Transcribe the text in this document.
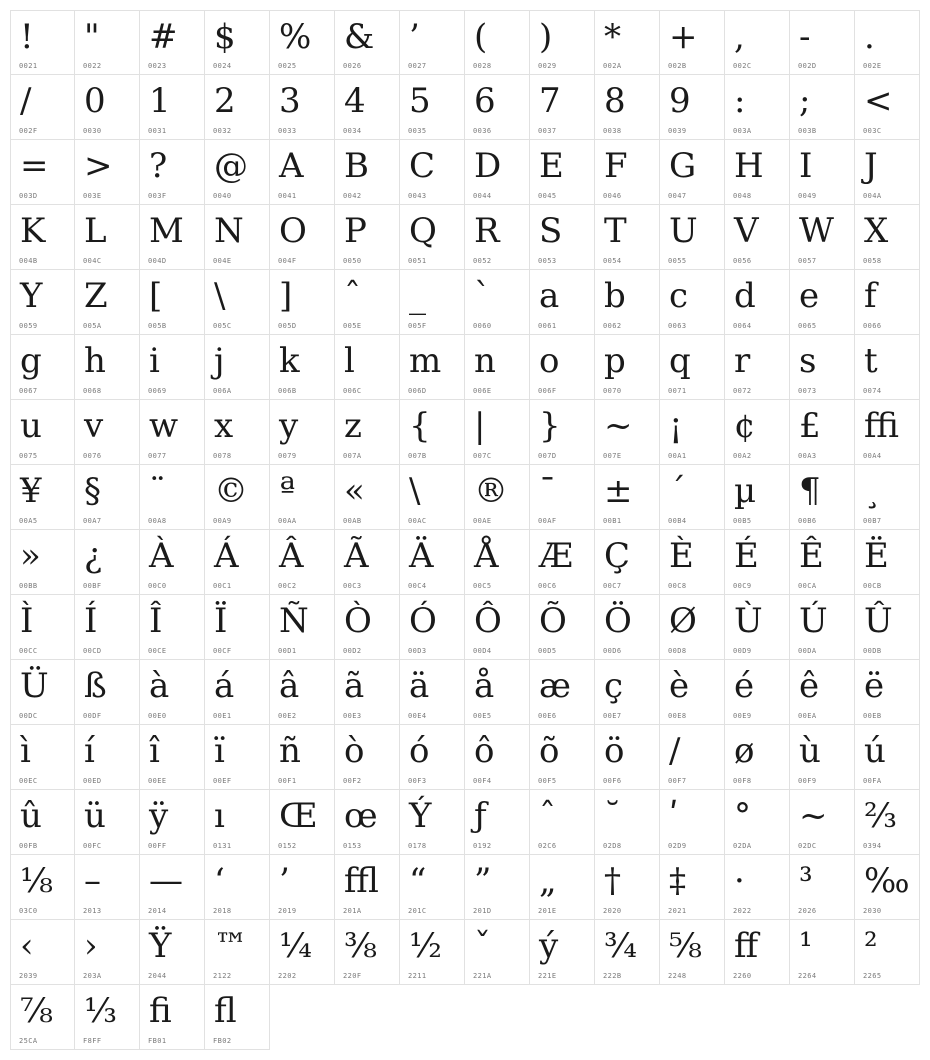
!
0021
"
0022
#
0023
$
0024
%
0025
&
0026
’
0027
(
0028
)
0029
*
002A
+
002B
,
002C
-
002D
.
002E
/
002F
0
0030
1
0031
2
0032
3
0033
4
0034
5
0035
6
0036
7
0037
8
0038
9
0039
:
003A
;
003B
<
003C
=
003D
>
003E
?
003F
@
0040
A
0041
B
0042
C
0043
D
0044
E
0045
F
0046
G
0047
H
0048
I
0049
J
004A
K
004B
L
004C
M
004D
N
004E
O
004F
P
0050
Q
0051
R
0052
S
0053
T
0054
U
0055
V
0056
W
0057
X
0058
Y
0059
Z
005A
[
005B
\
005C
]
005D
ˆ
005E
_
005F
`
0060
a
0061
b
0062
c
0063
d
0064
e
0065
f
0066
g
0067
h
0068
i
0069
j
006A
k
006B
l
006C
m
006D
n
006E
o
006F
p
0070
q
0071
r
0072
s
0073
t
0074
u
0075
v
0076
w
0077
x
0078
y
0079
z
007A
{
007B
|
007C
}
007D
~
007E
¡
00A1
¢
00A2
£
00A3
ﬃ
00A4
¥
00A5
§
00A7
¨
00A8
©
00A9
ª
00AA
«
00AB
\
00AC
®
00AE
¯
00AF
±
00B1
´
00B4
µ
00B5
¶
00B6
¸
00B7
»
00BB
¿
00BF
À
00C0
Á
00C1
Â
00C2
Ã
00C3
Ä
00C4
Å
00C5
Æ
00C6
Ç
00C7
È
00C8
É
00C9
Ê
00CA
Ë
00CB
Ì
00CC
Í
00CD
Î
00CE
Ï
00CF
Ñ
00D1
Ò
00D2
Ó
00D3
Ô
00D4
Õ
00D5
Ö
00D6
Ø
00D8
Ù
00D9
Ú
00DA
Û
00DB
Ü
00DC
ß
00DF
à
00E0
á
00E1
â
00E2
ã
00E3
ä
00E4
å
00E5
æ
00E6
ç
00E7
è
00E8
é
00E9
ê
00EA
ë
00EB
ì
00EC
í
00ED
î
00EE
ï
00EF
ñ
00F1
ò
00F2
ó
00F3
ô
00F4
õ
00F5
ö
00F6
/
00F7
ø
00F8
ù
00F9
ú
00FA
û
00FB
ü
00FC
ÿ
00FF
ı
0131
Œ
0152
œ
0153
Ý
0178
ƒ
0192
ˆ
02C6
˘
02D8
ʹ
02D9
°
02DA
~
02DC
⅔
0394
⅛
03C0
–
2013
—
2014
‘
2018
’
2019
ﬄ
201A
“
201C
”
201D
„
201E
†
2020
‡
2021
·
2022
³
2026
‰
2030
‹
2039
›
203A
Ÿ
2044
™
2122
¼
2202
⅜
220F
½
2211
ˇ
221A
ý
221E
¾
222B
⅝
2248
ﬀ
2260
¹
2264
²
2265
⅞
25CA
⅓
F8FF
ﬁ
FB01
ﬂ
FB02
